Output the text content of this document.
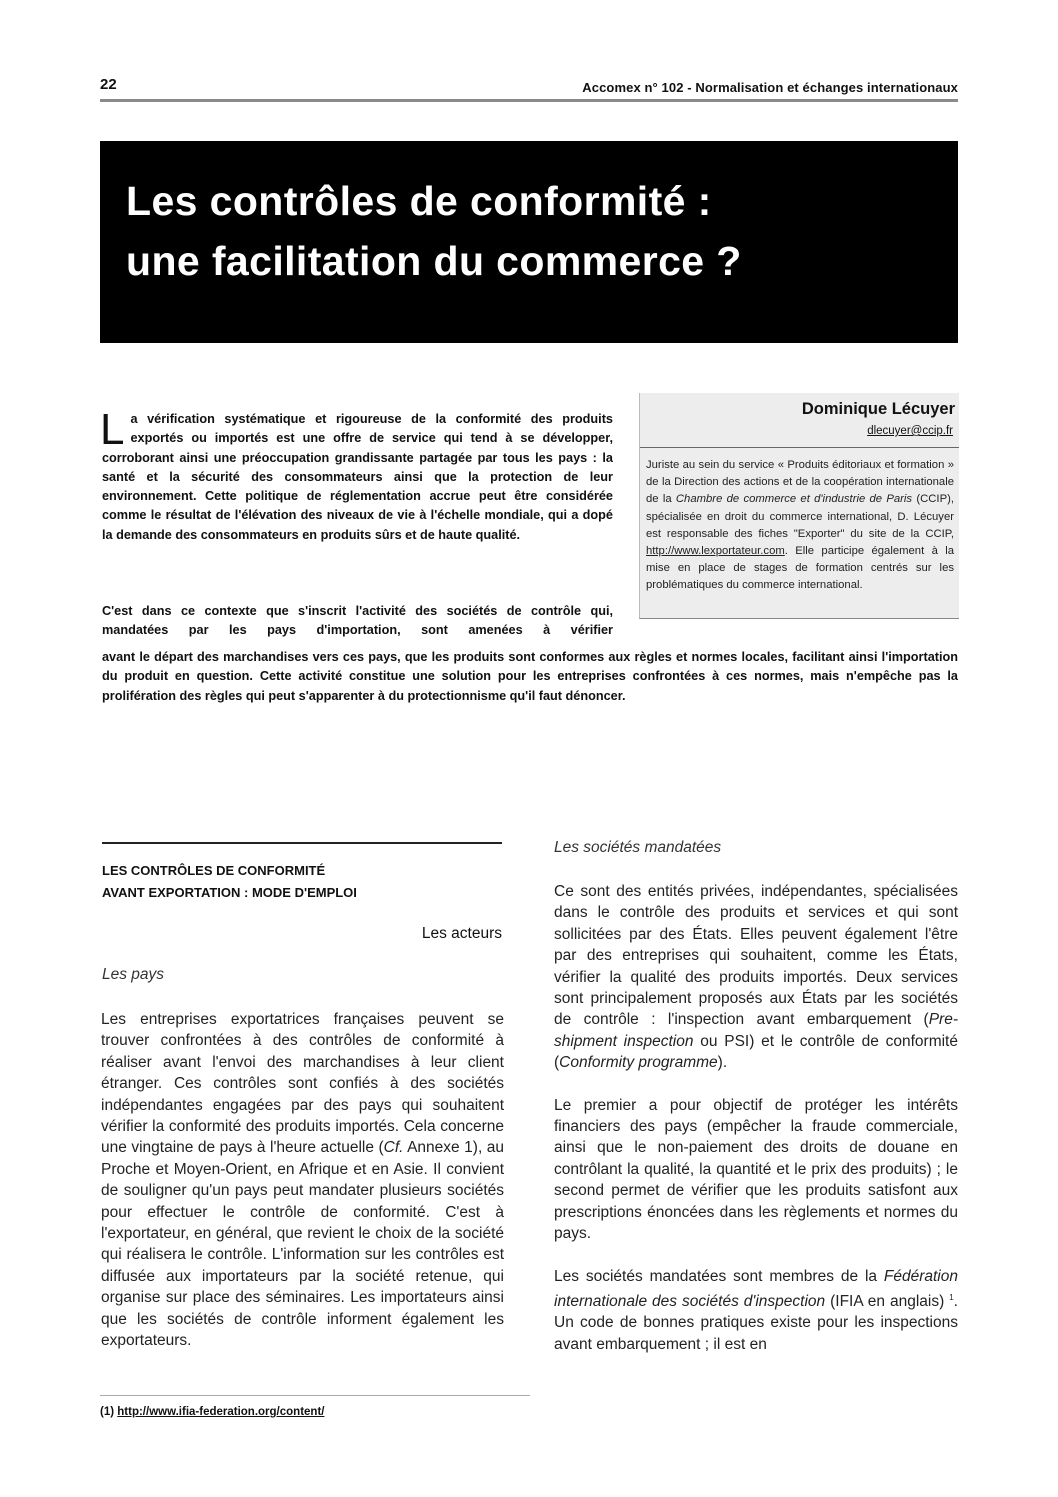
22	Accomex n° 102 - Normalisation et échanges internationaux
Les contrôles de conformité :
une facilitation du commerce ?
Dominique Lécuyer
dlecuyer@ccip.fr
Juriste au sein du service « Produits éditoriaux et formation » de la Direction des actions et de la coopération internationale de la Chambre de commerce et d'industrie de Paris (CCIP), spécialisée en droit du commerce international, D. Lécuyer est responsable des fiches "Exporter" du site de la CCIP, http://www.lexportateur.com. Elle participe également à la mise en place de stages de formation centrés sur les problématiques du commerce international.
La vérification systématique et rigoureuse de la conformité des produits exportés ou importés est une offre de service qui tend à se développer, corroborant ainsi une préoccupation grandissante partagée par tous les pays : la santé et la sécurité des consommateurs ainsi que la protection de leur environnement. Cette politique de réglementation accrue peut être considérée comme le résultat de l'élévation des niveaux de vie à l'échelle mondiale, qui a dopé la demande des consommateurs en produits sûrs et de haute qualité.
C'est dans ce contexte que s'inscrit l'activité des sociétés de contrôle qui, mandatées par les pays d'importation, sont amenées à vérifier
avant le départ des marchandises vers ces pays, que les produits sont conformes aux règles et normes locales, facilitant ainsi l'importation du produit en question. Cette activité constitue une solution pour les entreprises confrontées à ces normes, mais n'empêche pas la prolifération des règles qui peut s'apparenter à du protectionnisme qu'il faut dénoncer.
LES CONTRÔLES DE CONFORMITÉ
AVANT EXPORTATION : MODE D'EMPLOI
Les acteurs
Les pays

Les entreprises exportatrices françaises peuvent se trouver confrontées à des contrôles de conformité à réaliser avant l'envoi des marchandises à leur client étranger. Ces contrôles sont confiés à des sociétés indépendantes engagées par des pays qui souhaitent vérifier la conformité des produits importés. Cela concerne une vingtaine de pays à l'heure actuelle (Cf. Annexe 1), au Proche et Moyen-Orient, en Afrique et en Asie. Il convient de souligner qu'un pays peut mandater plusieurs sociétés pour effectuer le contrôle de conformité. C'est à l'exportateur, en général, que revient le choix de la société qui réalisera le contrôle. L'information sur les contrôles est diffusée aux importateurs par la société retenue, qui organise sur place des séminaires. Les importateurs ainsi que les sociétés de contrôle informent également les exportateurs.

Les sociétés mandatées

Ce sont des entités privées, indépendantes, spécialisées dans le contrôle des produits et services et qui sont sollicitées par des États. Elles peuvent également l'être par des entreprises qui souhaitent, comme les États, vérifier la qualité des produits importés. Deux services sont principalement proposés aux États par les sociétés de contrôle : l'inspection avant embarquement (Pre-shipment inspection ou PSI) et le contrôle de conformité (Conformity programme).

Le premier a pour objectif de protéger les intérêts financiers des pays (empêcher la fraude commerciale, ainsi que le non-paiement des droits de douane en contrôlant la qualité, la quantité et le prix des produits) ; le second permet de vérifier que les produits satisfont aux prescriptions énoncées dans les règlements et normes du pays.

Les sociétés mandatées sont membres de la Fédération internationale des sociétés d'inspection (IFIA en anglais) $^1$. Un code de bonnes pratiques existe pour les inspections avant embarquement ; il est en

(1) http://www.ifia-federation.org/content/
